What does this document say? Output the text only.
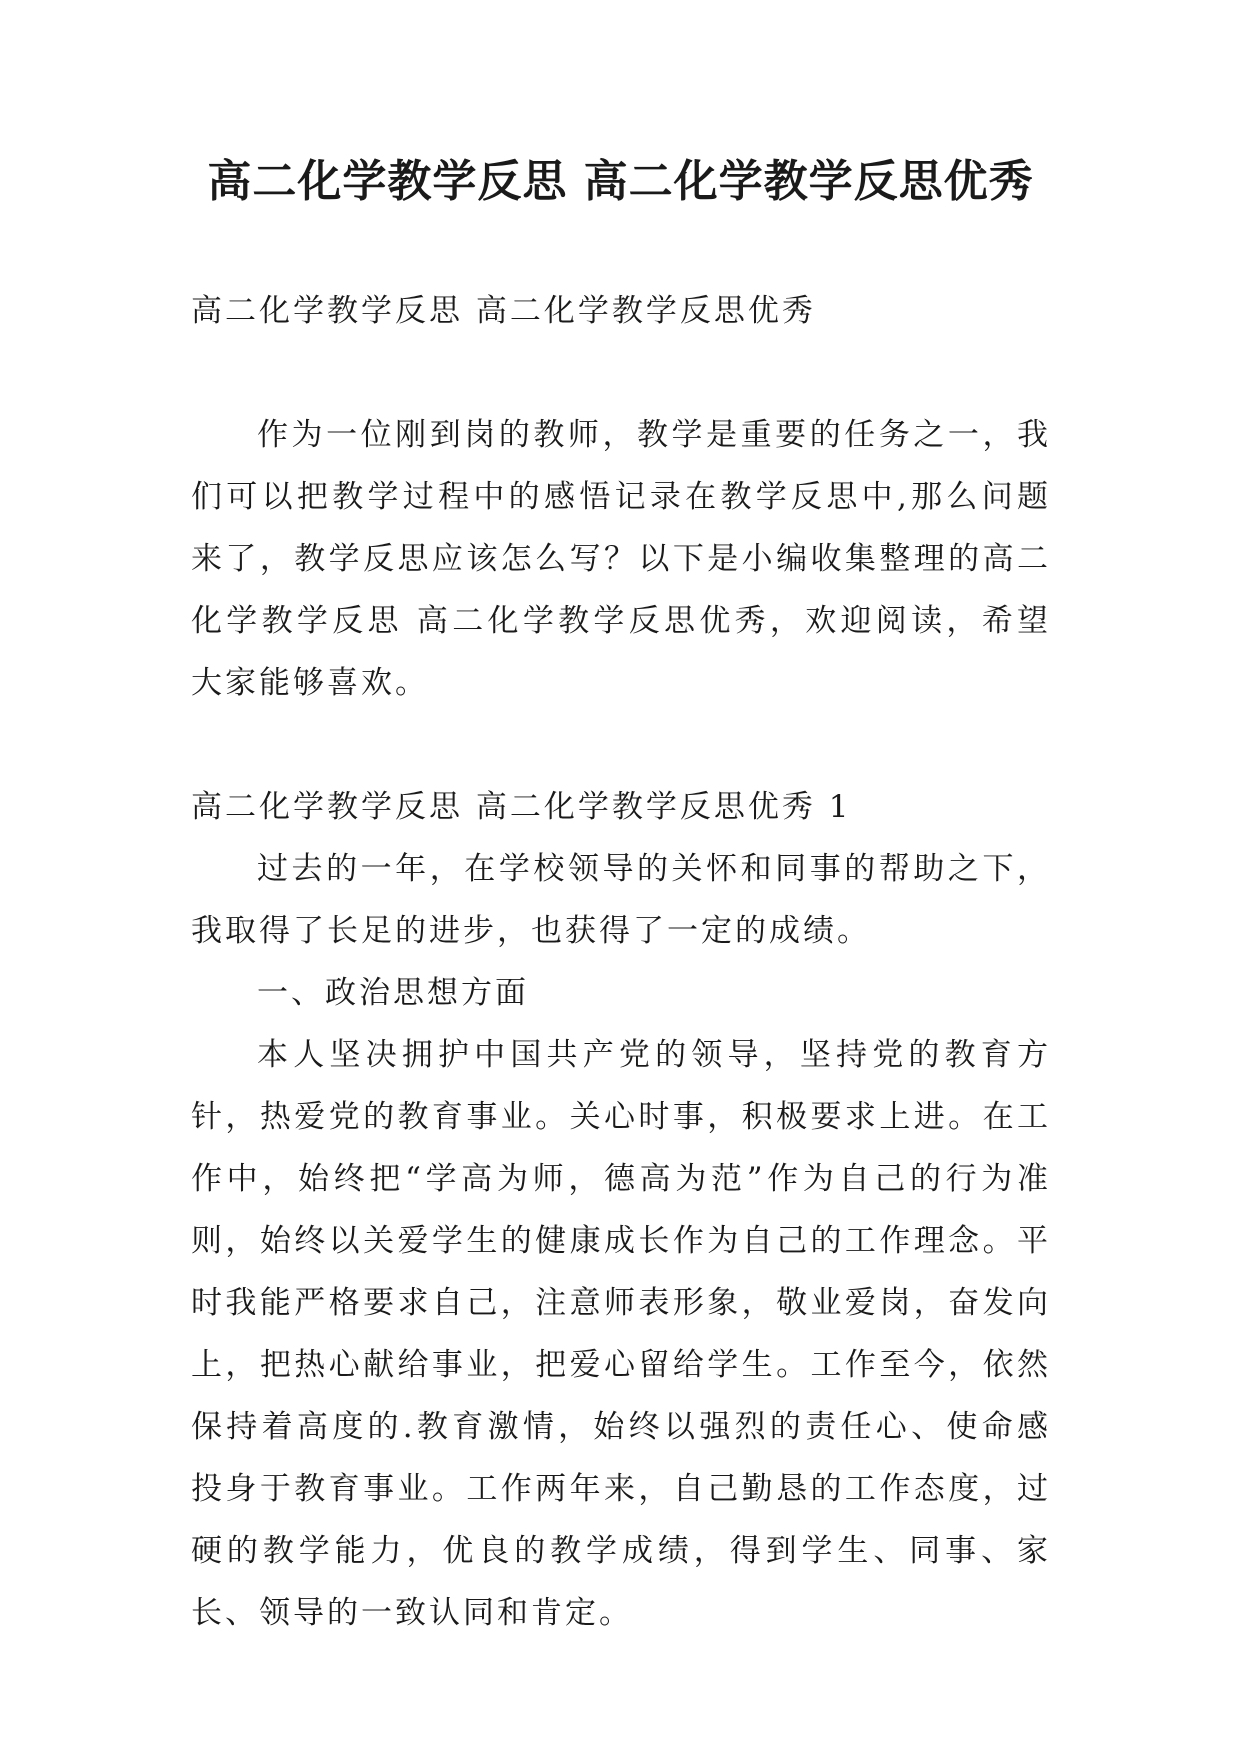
高二化学教学反思 高二化学教学反思优秀

高二化学教学反思 高二化学教学反思优秀

作为一位刚到岗的教师，教学是重要的任务之一，我们可以把教学过程中的感悟记录在教学反思中,那么问题来了，教学反思应该怎么写？以下是小编收集整理的高二化学教学反思 高二化学教学反思优秀，欢迎阅读，希望大家能够喜欢。

高二化学教学反思 高二化学教学反思优秀 1

过去的一年，在学校领导的关怀和同事的帮助之下，我取得了长足的进步，也获得了一定的成绩。

一、政治思想方面

本人坚决拥护中国共产党的领导，坚持党的教育方针，热爱党的教育事业。关心时事，积极要求上进。在工作中，始终把“学高为师，德高为范”作为自己的行为准则，始终以关爱学生的健康成长作为自己的工作理念。平时我能严格要求自己，注意师表形象，敬业爱岗，奋发向上，把热心献给事业，把爱心留给学生。工作至今，依然保持着高度的.教育激情，始终以强烈的责任心、使命感投身于教育事业。工作两年来，自己勤恳的工作态度，过硬的教学能力，优良的教学成绩，得到学生、同事、家长、领导的一致认同和肯定。
